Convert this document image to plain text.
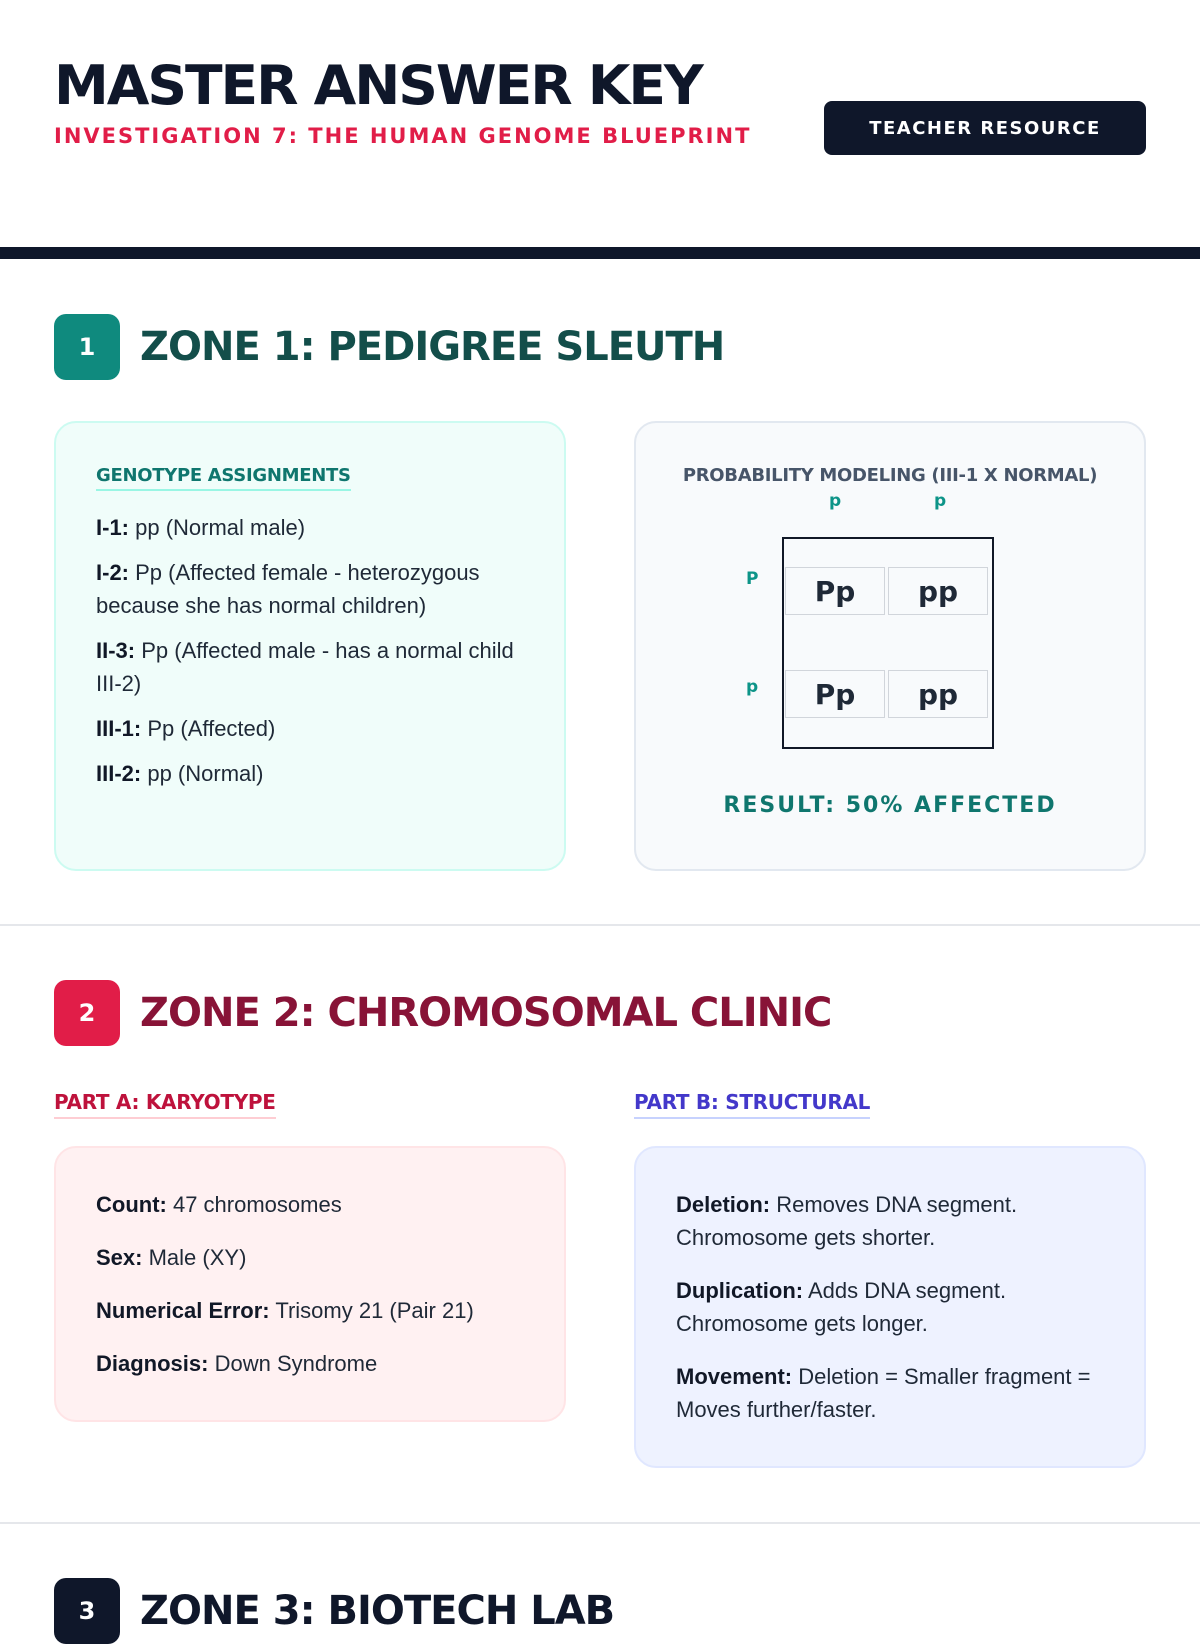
MASTER ANSWER KEY
INVESTIGATION 7: THE HUMAN GENOME BLUEPRINT	TEACHER RESOURCE
1	ZONE 1: PEDIGREE SLEUTH
GENOTYPE ASSIGNMENTS
I-1: pp (Normal male)
I-2: Pp (Affected female - heterozygous because she has normal children)
II-3: Pp (Affected male - has a normal child III-2)
III-1: Pp (Affected)
III-2: pp (Normal)
PROBABILITY MODELING (III-1 X NORMAL)
p	p
P
p
Pp	pp
Pp	pp
RESULT: 50% AFFECTED
2	ZONE 2: CHROMOSOMAL CLINIC
PART A: KARYOTYPE	PART B: STRUCTURAL
Count: 47 chromosomes
Sex: Male (XY)
Numerical Error: Trisomy 21 (Pair 21)
Diagnosis: Down Syndrome
Deletion: Removes DNA segment. Chromosome gets shorter.
Duplication: Adds DNA segment. Chromosome gets longer.
Movement: Deletion = Smaller fragment = Moves further/faster.
3	ZONE 3: BIOTECH LAB
